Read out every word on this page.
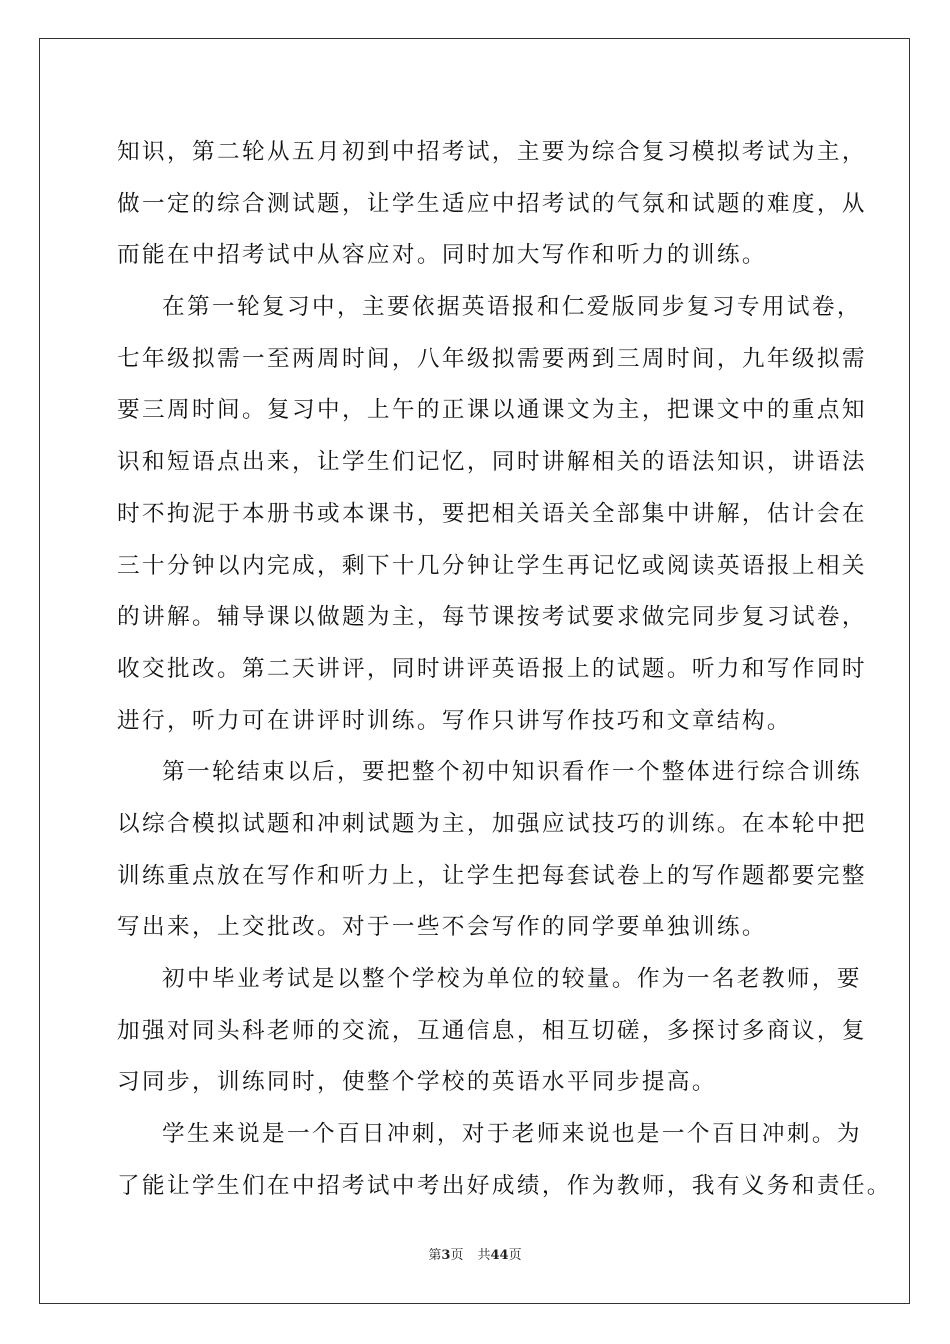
知识，第二轮从五月初到中招考试，主要为综合复习模拟考试为主，
做一定的综合测试题，让学生适应中招考试的气氛和试题的难度，从
而能在中招考试中从容应对。同时加大写作和听力的训练。
在第一轮复习中，主要依据英语报和仁爱版同步复习专用试卷，
七年级拟需一至两周时间，八年级拟需要两到三周时间，九年级拟需
要三周时间。复习中，上午的正课以通课文为主，把课文中的重点知
识和短语点出来，让学生们记忆，同时讲解相关的语法知识，讲语法
时不拘泥于本册书或本课书，要把相关语关全部集中讲解，估计会在
三十分钟以内完成，剩下十几分钟让学生再记忆或阅读英语报上相关
的讲解。辅导课以做题为主，每节课按考试要求做完同步复习试卷，
收交批改。第二天讲评，同时讲评英语报上的试题。听力和写作同时
进行，听力可在讲评时训练。写作只讲写作技巧和文章结构。
第一轮结束以后，要把整个初中知识看作一个整体进行综合训练
以综合模拟试题和冲刺试题为主，加强应试技巧的训练。在本轮中把
训练重点放在写作和听力上，让学生把每套试卷上的写作题都要完整
写出来，上交批改。对于一些不会写作的同学要单独训练。
初中毕业考试是以整个学校为单位的较量。作为一名老教师，要
加强对同头科老师的交流，互通信息，相互切磋，多探讨多商议，复
习同步，训练同时，使整个学校的英语水平同步提高。
学生来说是一个百日冲刺，对于老师来说也是一个百日冲刺。为
了能让学生们在中招考试中考出好成绩，作为教师，我有义务和责任。
第3页 共44页
